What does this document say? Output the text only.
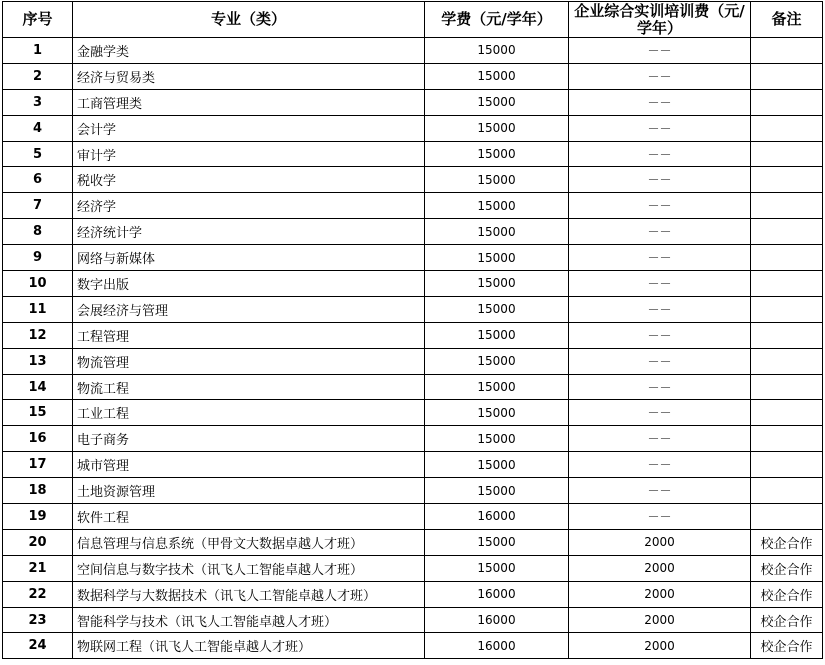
序号	专业（类）	学费（元/学年）	企业综合实训培训费（元/学年）	备注
1	金融学类	15000	－－	
2	经济与贸易类	15000	－－	
3	工商管理类	15000	－－	
4	会计学	15000	－－	
5	审计学	15000	－－	
6	税收学	15000	－－	
7	经济学	15000	－－	
8	经济统计学	15000	－－	
9	网络与新媒体	15000	－－	
10	数字出版	15000	－－	
11	会展经济与管理	15000	－－	
12	工程管理	15000	－－	
13	物流管理	15000	－－	
14	物流工程	15000	－－	
15	工业工程	15000	－－	
16	电子商务	15000	－－	
17	城市管理	15000	－－	
18	土地资源管理	15000	－－	
19	软件工程	16000	－－	
20	信息管理与信息系统（甲骨文大数据卓越人才班）	15000	2000	校企合作
21	空间信息与数字技术（讯飞人工智能卓越人才班）	15000	2000	校企合作
22	数据科学与大数据技术（讯飞人工智能卓越人才班）	16000	2000	校企合作
23	智能科学与技术（讯飞人工智能卓越人才班）	16000	2000	校企合作
24	物联网工程（讯飞人工智能卓越人才班）	16000	2000	校企合作
